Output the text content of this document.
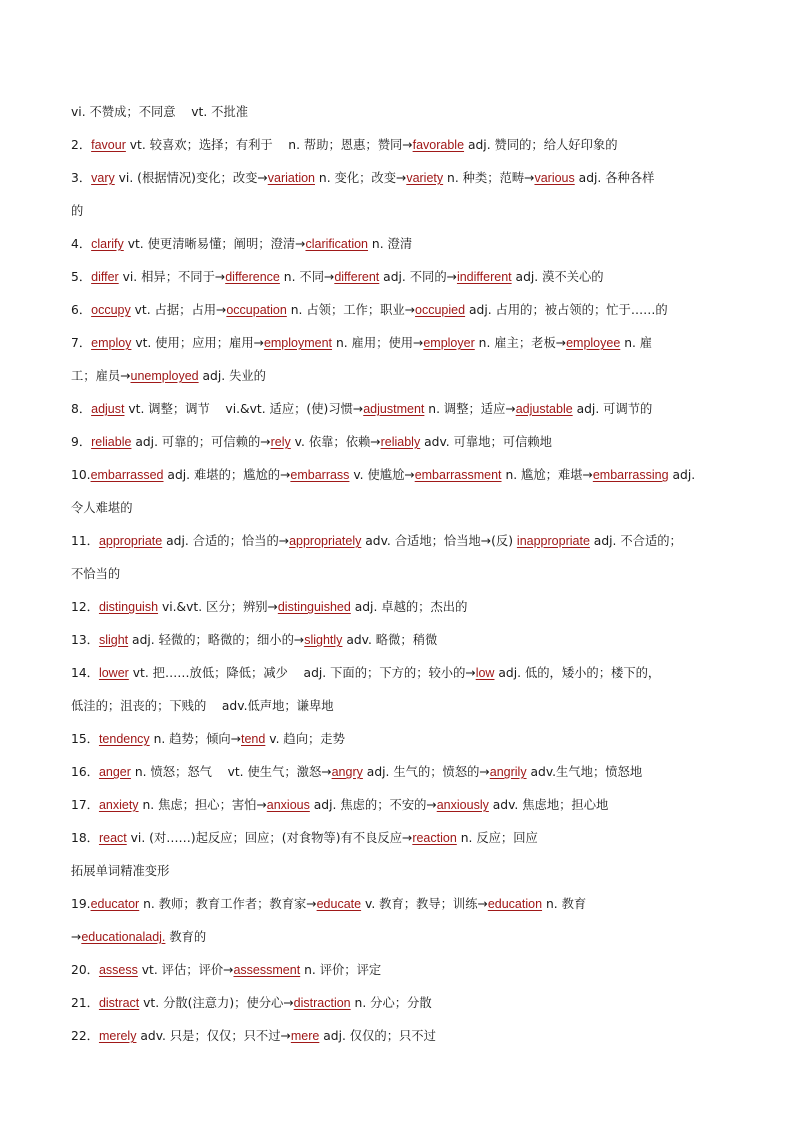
vi. 不赞成；不同意    vt. 不批准
2．favour vt. 较喜欢；选择；有利于    n. 帮助；恩惠；赞同→favorable adj. 赞同的；给人好印象的
3．vary vi. (根据情况)变化；改变→variation n. 变化；改变→variety n. 种类；范畴→various adj. 各种各样
的
4．clarify vt. 使更清晰易懂；阐明；澄清→clarification n. 澄清
5．differ vi. 相异；不同于→difference n. 不同→different adj. 不同的→indifferent adj. 漠不关心的
6．occupy vt. 占据；占用→occupation n. 占领；工作；职业→occupied adj. 占用的；被占领的；忙于……的
7．employ vt. 使用；应用；雇用→employment n. 雇用；使用→employer n. 雇主；老板→employee n. 雇
工；雇员→unemployed adj. 失业的
8．adjust vt. 调整；调节    vi.&vt. 适应；(使)习惯→adjustment n. 调整；适应→adjustable adj. 可调节的
9．reliable adj. 可靠的；可信赖的→rely v. 依靠；依赖→reliably adv. 可靠地；可信赖地
10.embarrassed adj. 难堪的；尴尬的→embarrass v. 使尴尬→embarrassment n. 尴尬；难堪→embarrassing adj.
令人难堪的
11．appropriate adj. 合适的；恰当的→appropriately adv. 合适地；恰当地→(反) inappropriate adj. 不合适的；
不恰当的
12．distinguish vi.&vt. 区分；辨别→distinguished adj. 卓越的；杰出的
13．slight adj. 轻微的；略微的；细小的→slightly adv. 略微；稍微
14．lower vt. 把……放低；降低；减少    adj. 下面的；下方的；较小的→low adj. 低的，矮小的；楼下的，
低洼的；沮丧的；下贱的    adv.低声地；谦卑地
15．tendency n. 趋势；倾向→tend v. 趋向；走势
16．anger n. 愤怒；怒气    vt. 使生气；激怒→angry adj. 生气的；愤怒的→angrily adv.生气地；愤怒地
17．anxiety n. 焦虑；担心；害怕→anxious adj. 焦虑的；不安的→anxiously adv. 焦虑地；担心地
18．react vi. (对……)起反应；回应；(对食物等)有不良反应→reaction n. 反应；回应
拓展单词精准变形
19.educator n. 教师；教育工作者；教育家→educate v. 教育；教导；训练→education n. 教育
→educationaladj. 教育的
20．assess vt. 评估；评价→assessment n. 评价；评定
21．distract vt. 分散(注意力)；使分心→distraction n. 分心；分散
22．merely adv. 只是；仅仅；只不过→mere adj. 仅仅的；只不过
